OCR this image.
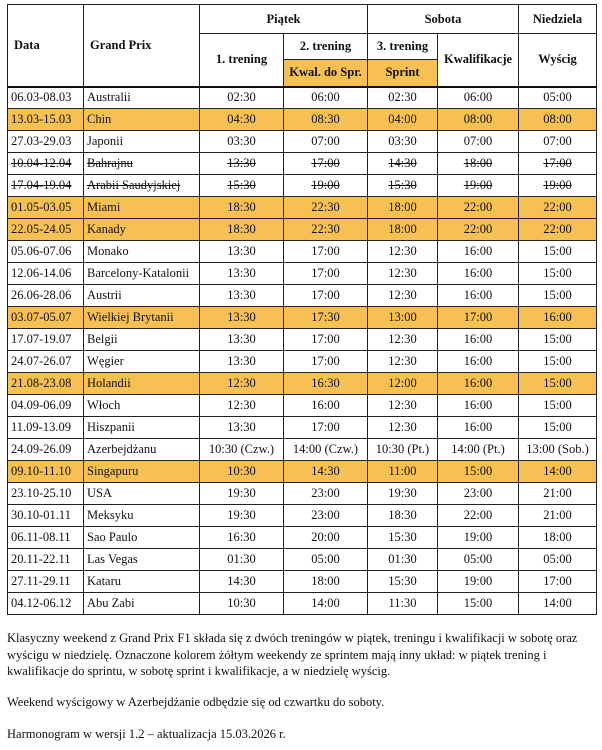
Data	Grand Prix	Piątek		Sobota		Niedziela
		1. trening	2. trening	3. trening	Kwalifikacje	Wyścig
			Kwal. do Spr.	Sprint		
06.03-08.03	Australii	02:30	06:00	02:30	06:00	05:00
13.03-15.03	Chin	04:30	08:30	04:00	08:00	08:00
27.03-29.03	Japonii	03:30	07:00	03:30	07:00	07:00
10.04-12.04	Bahrajnu	13:30	17:00	14:30	18:00	17:00
17.04-19.04	Arabii Saudyjskiej	15:30	19:00	15:30	19:00	19:00
01.05-03.05	Miami	18:30	22:30	18:00	22:00	22:00
22.05-24.05	Kanady	18:30	22:30	18:00	22:00	22:00
05.06-07.06	Monako	13:30	17:00	12:30	16:00	15:00
12.06-14.06	Barcelony-Katalonii	13:30	17:00	12:30	16:00	15:00
26.06-28.06	Austrii	13:30	17:00	12:30	16:00	15:00
03.07-05.07	Wielkiej Brytanii	13:30	17:30	13:00	17:00	16:00
17.07-19.07	Belgii	13:30	17:00	12:30	16:00	15:00
24.07-26.07	Węgier	13:30	17:00	12:30	16:00	15:00
21.08-23.08	Holandii	12:30	16:30	12:00	16:00	15:00
04.09-06.09	Włoch	12:30	16:00	12:30	16:00	15:00
11.09-13.09	Hiszpanii	13:30	17:00	12:30	16:00	15:00
24.09-26.09	Azerbejdżanu	10:30 (Czw.)	14:00 (Czw.)	10:30 (Pt.)	14:00 (Pt.)	13:00 (Sob.)
09.10-11.10	Singapuru	10:30	14:30	11:00	15:00	14:00
23.10-25.10	USA	19:30	23:00	19:30	23:00	21:00
30.10-01.11	Meksyku	19:30	23:00	18:30	22:00	21:00
06.11-08.11	Sao Paulo	16:30	20:00	15:30	19:00	18:00
20.11-22.11	Las Vegas	01:30	05:00	01:30	05:00	05:00
27.11-29.11	Kataru	14:30	18:00	15:30	19:00	17:00
04.12-06.12	Abu Zabi	10:30	14:00	11:30	15:00	14:00

Klasyczny weekend z Grand Prix F1 składa się z dwóch treningów w piątek, treningu i kwalifikacji w sobotę oraz wyścigu w niedzielę. Oznaczone kolorem żółtym weekendy ze sprintem mają inny układ: w piątek trening i kwalifikacje do sprintu, w sobotę sprint i kwalifikacje, a w niedzielę wyścig.

Weekend wyścigowy w Azerbejdżanie odbędzie się od czwartku do soboty.

Harmonogram w wersji 1.2 – aktualizacja 15.03.2026 r.
